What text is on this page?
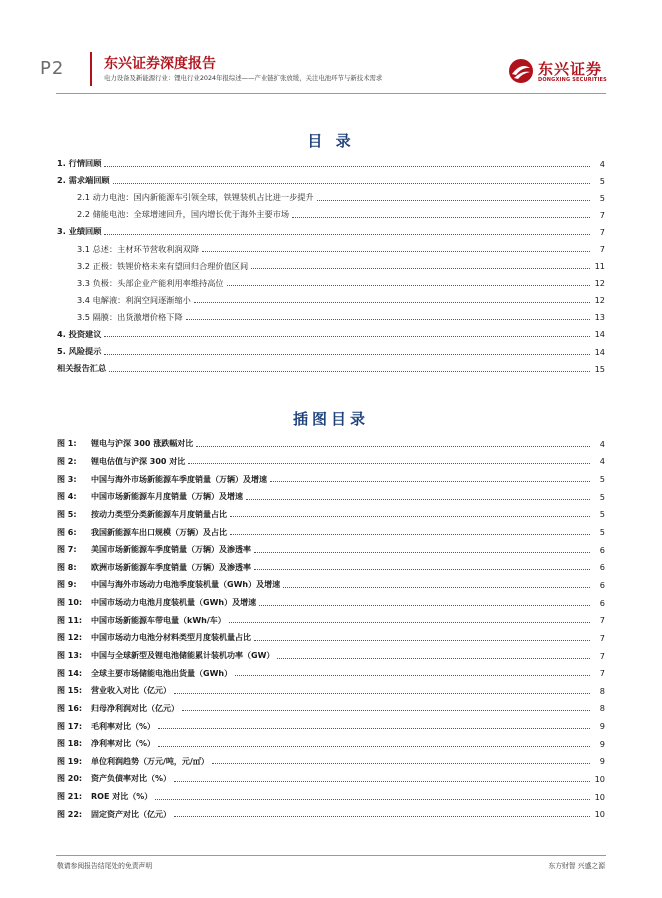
P2	东兴证券深度报告
电力设备及新能源行业：锂电行业2024年报综述——产业链扩张放缓，关注电池环节与新技术需求	东兴证券
DONGXING SECURITIES
目 录
1. 行情回顾	4
2. 需求端回顾	5
2.1 动力电池：国内新能源车引领全球，铁锂装机占比进一步提升	5
2.2 储能电池：全球增速回升，国内增长优于海外主要市场	7
3. 业绩回顾	7
3.1 总述：主材环节营收利润双降	7
3.2 正极：铁锂价格未来有望回归合理价值区间	11
3.3 负极：头部企业产能利用率维持高位	12
3.4 电解液：利润空间逐渐缩小	12
3.5 隔膜：出货激增价格下降	13
4. 投资建议	14
5. 风险提示	14
相关报告汇总	15
插图目录
图 1: 锂电与沪深 300 涨跌幅对比	4
图 2: 锂电估值与沪深 300 对比	4
图 3: 中国与海外市场新能源车季度销量（万辆）及增速	5
图 4: 中国市场新能源车月度销量（万辆）及增速	5
图 5: 按动力类型分类新能源车月度销量占比	5
图 6: 我国新能源车出口规模（万辆）及占比	5
图 7: 美国市场新能源车季度销量（万辆）及渗透率	6
图 8: 欧洲市场新能源车季度销量（万辆）及渗透率	6
图 9: 中国与海外市场动力电池季度装机量（GWh）及增速	6
图 10: 中国市场动力电池月度装机量（GWh）及增速	6
图 11: 中国市场新能源车带电量（kWh/车）	7
图 12: 中国市场动力电池分材料类型月度装机量占比	7
图 13: 中国与全球新型及锂电池储能累计装机功率（GW）	7
图 14: 全球主要市场储能电池出货量（GWh）	7
图 15: 营业收入对比（亿元）	8
图 16: 归母净利润对比（亿元）	8
图 17: 毛利率对比（%）	9
图 18: 净利率对比（%）	9
图 19: 单位利润趋势（万元/吨，元/㎡）	9
图 20: 资产负债率对比（%）	10
图 21: ROE 对比（%）	10
图 22: 固定资产对比（亿元）	10
敬请参阅报告结尾处的免责声明	东方财智 兴盛之源
